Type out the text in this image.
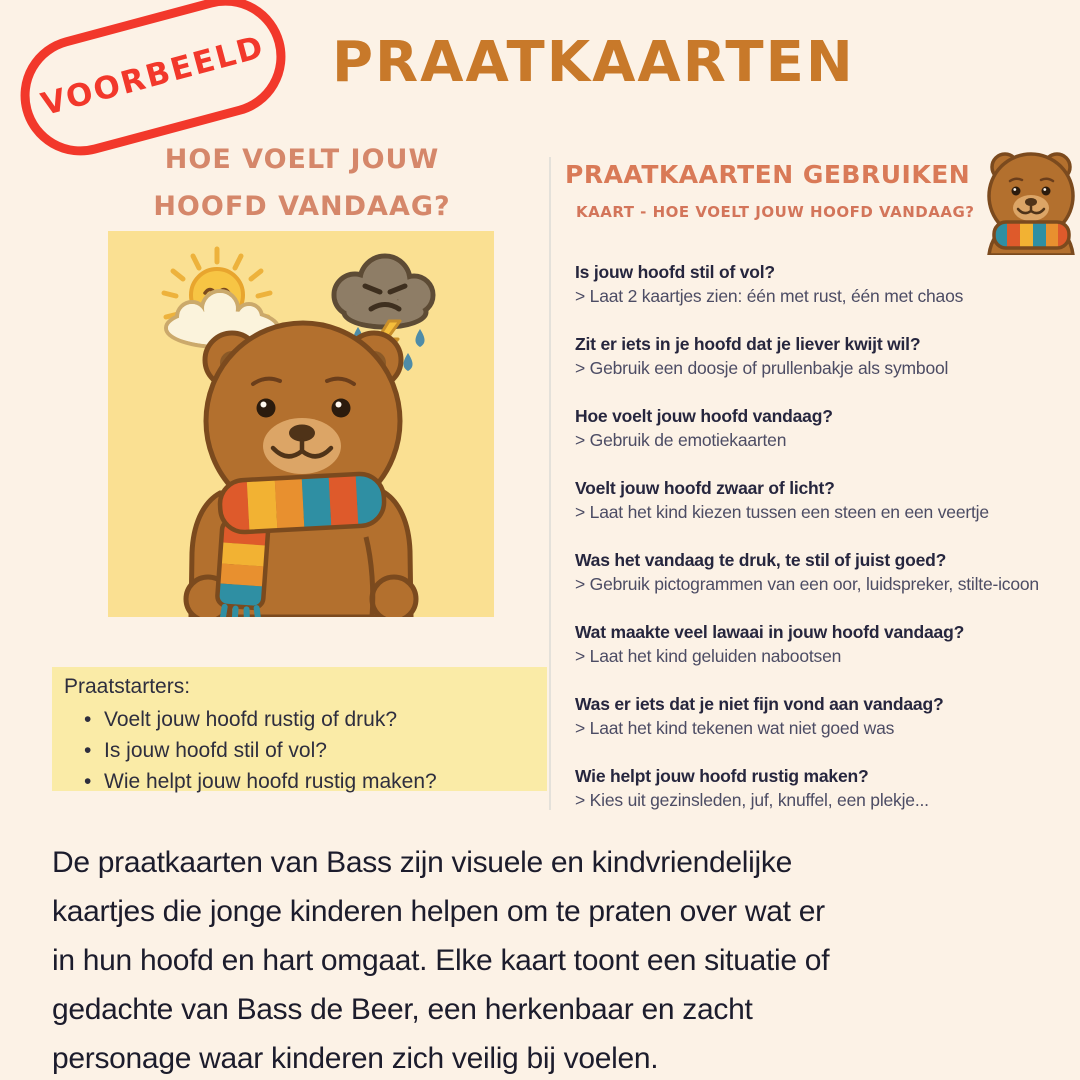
VOORBEELD PRAATKAARTEN
HOE VOELT JOUW
HOOFD VANDAAG?
Praatstarters:
• Voelt jouw hoofd rustig of druk?
• Is jouw hoofd stil of vol?
• Wie helpt jouw hoofd rustig maken?
PRAATKAARTEN GEBRUIKEN
KAART - HOE VOELT JOUW HOOFD VANDAAG?
Is jouw hoofd stil of vol?
> Laat 2 kaartjes zien: één met rust, één met chaos
Zit er iets in je hoofd dat je liever kwijt wil?
> Gebruik een doosje of prullenbakje als symbool
Hoe voelt jouw hoofd vandaag?
> Gebruik de emotiekaarten
Voelt jouw hoofd zwaar of licht?
> Laat het kind kiezen tussen een steen en een veertje
Was het vandaag te druk, te stil of juist goed?
> Gebruik pictogrammen van een oor, luidspreker, stilte-icoon
Wat maakte veel lawaai in jouw hoofd vandaag?
> Laat het kind geluiden nabootsen
Was er iets dat je niet fijn vond aan vandaag?
> Laat het kind tekenen wat niet goed was
Wie helpt jouw hoofd rustig maken?
> Kies uit gezinsleden, juf, knuffel, een plekje...
De praatkaarten van Bass zijn visuele en kindvriendelijke
kaartjes die jonge kinderen helpen om te praten over wat er
in hun hoofd en hart omgaat. Elke kaart toont een situatie of
gedachte van Bass de Beer, een herkenbaar en zacht
personage waar kinderen zich veilig bij voelen.
